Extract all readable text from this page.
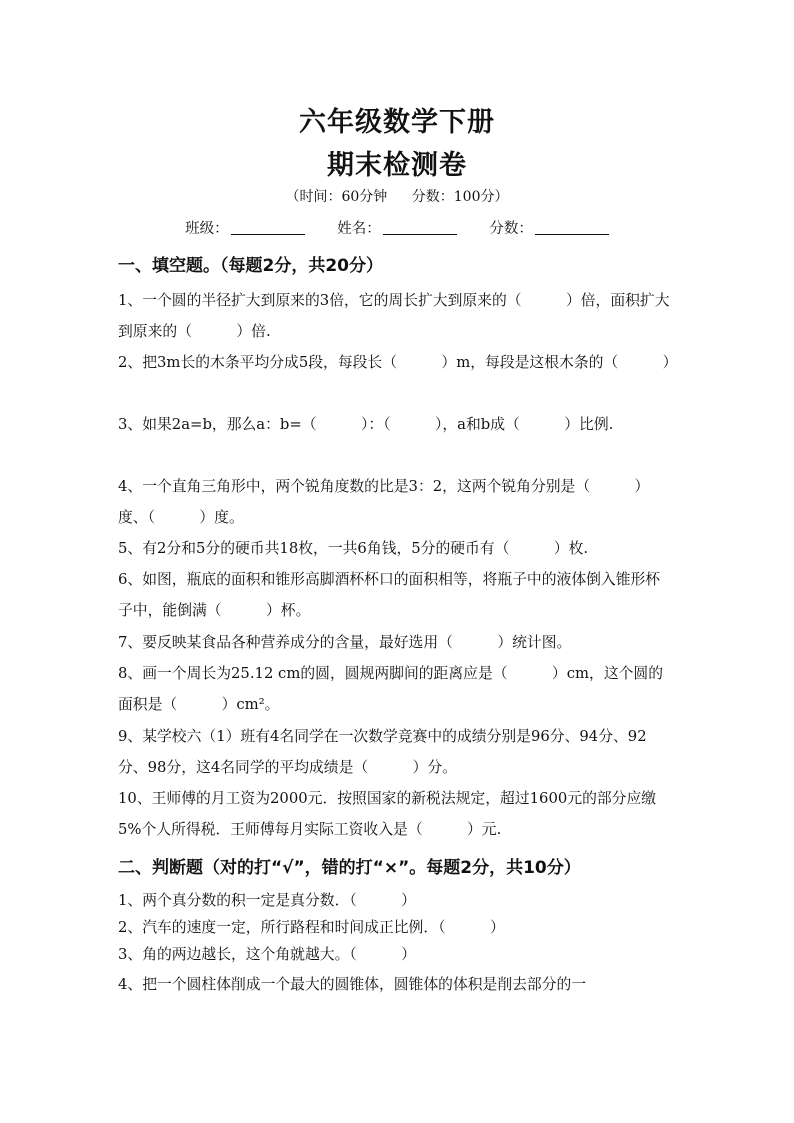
六年级数学下册
期末检测卷
（时间：60分钟 分数：100分）
班级：	姓名：	分数：
一、填空题。（每题2分，共20分）
1、一个圆的半径扩大到原来的3倍，它的周长扩大到原来的（　　　）倍，面积扩大到原来的（　　　）倍.
2、把3m长的木条平均分成5段，每段长（　　　）m，每段是这根木条的（　　　）
3、如果2a=b，那么a：b=（　　　）：（　　　），a和b成（　　　）比例.
4、一个直角三角形中，两个锐角度数的比是3：2，这两个锐角分别是（　　　）度、（　　　）度。
5、有2分和5分的硬币共18枚，一共6角钱，5分的硬币有（　　　）枚.
6、如图，瓶底的面积和锥形高脚酒杯杯口的面积相等，将瓶子中的液体倒入锥形杯子中，能倒满（　　　）杯。
7、要反映某食品各种营养成分的含量，最好选用（　　　）统计图。
8、画一个周长为25.12 cm的圆，圆规两脚间的距离应是（　　　）cm，这个圆的面积是（　　　）cm²。
9、某学校六（1）班有4名同学在一次数学竞赛中的成绩分别是96分、94分、92分、98分，这4名同学的平均成绩是（　　　）分。
10、王师傅的月工资为2000元．按照国家的新税法规定，超过1600元的部分应缴5%个人所得税．王师傅每月实际工资收入是（　　　）元.
二、判断题（对的打“√”，错的打“×”。每题2分，共10分）
1、两个真分数的积一定是真分数．（　　　）
2、汽车的速度一定，所行路程和时间成正比例．（　　　）
3、角的两边越长，这个角就越大。（　　　）
4、把一个圆柱体削成一个最大的圆锥体，圆锥体的体积是削去部分的一
